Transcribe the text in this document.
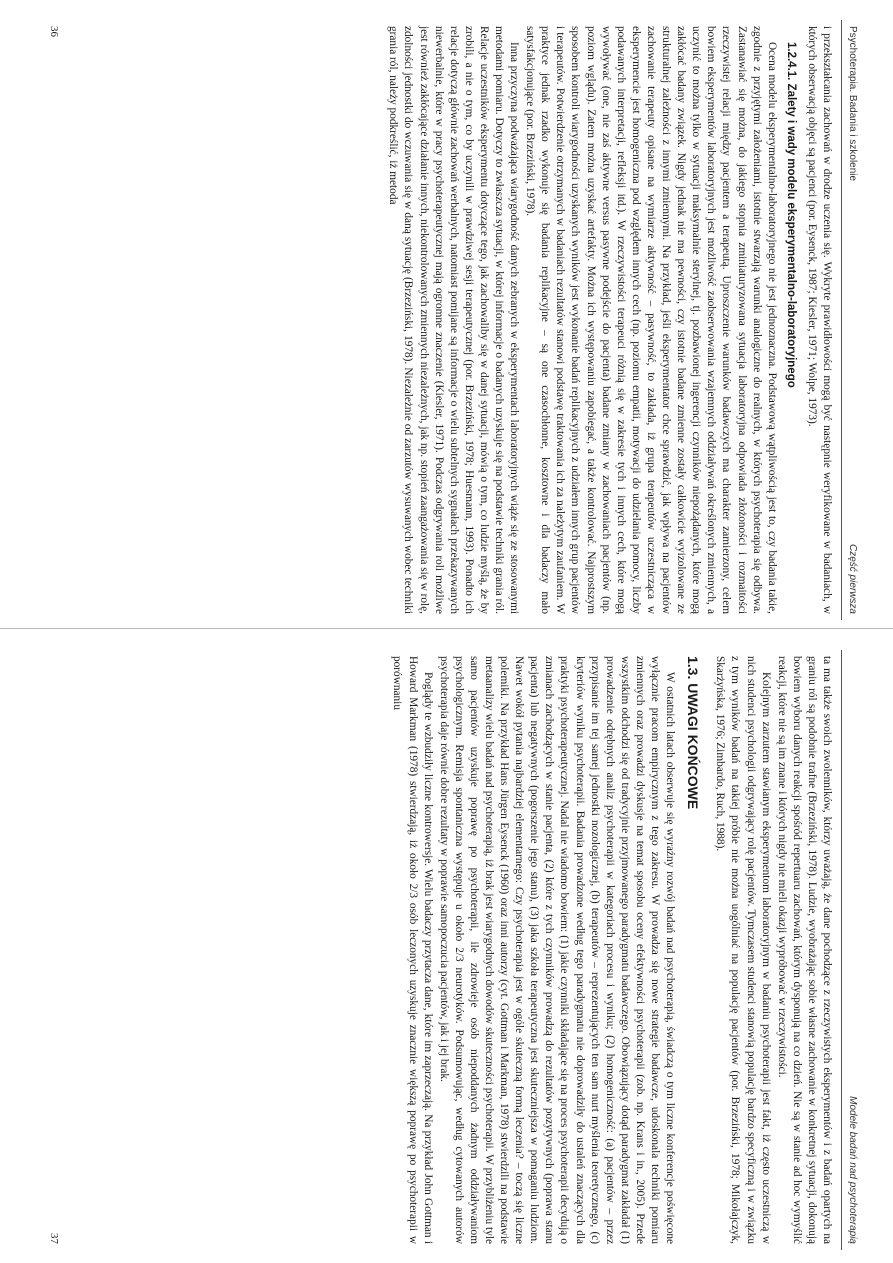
Psychoterapia. Badania i szkolenie
Część pierwsza

i przekształcania zachowań w drodze uczenia się. Wykryte prawidłowości mogą być następnie weryfikowane w badaniach, w których obserwacją objęci są pacjenci (por. Eysenck, 1987; Kiesler, 1971; Wolpe, 1973).

1.2.4.1. Zalety i wady modelu eksperymentalno-laboratoryjnego

Ocena modelu eksperymentalno-laboratoryjnego nie jest jednoznaczna. Podstawową wątpliwością jest to, czy badania takie, zgodnie z przyjętymi założeniami, istotnie stwarzają warunki analogiczne do realnych, w których psychoterapia się odbywa. Zastanawiać się można, do jakiego stopnia zminiaturyzowana sytuacja laboratoryjna odpowiada złożoności i rozmaitości rzeczywistej relacji między pacjentem a terapeutą. Uproszczenie warunków badawczych ma charakter zamierzony, celem bowiem eksperymentów laboratoryjnych jest możliwość zaobserwowania wzajemnych oddziaływań określonych zmiennych, a uczynić to można tylko w sytuacji maksymalnie sterylnej, tj. pozbawionej ingerencji czynników niepożądanych, które mogą zakłócać badany związek. Nigdy jednak nie ma pewności, czy istotnie badane zmienne zostały całkowicie wyizolowane ze strukturalnej zależności z innymi zmiennymi. Na przykład, jeśli eksperymentator chce sprawdzić, jak wpływa na pacjentów zachowanie terapeuty opisane na wymiarze aktywność – pasywność, to zakłada, iż grupa terapeutów uczestnicząca w eksperymencie jest homogeniczna pod względem innych cech (np. poziomu empatii, motywacji do udzielania pomocy, liczby podawanych interpretacji, refleksji itd.). W rzeczywistości terapeuci różnią się w zakresie tych i innych cech, które mogą wywoływać (one, nie zaś aktywne versus pasywne podejście do pacjenta) badane zmiany w zachowaniach pacjentów (np. poziom wglądu). Zatem można uzyskać artefakty. Można ich występowaniu zapobiegać, a także kontrolować. Najprostszym sposobem kontroli wiarygodności uzyskanych wyników jest wykonanie badań replikacyjnych z udziałem innych grup pacjentów i terapeutów. Potwierdzenie otrzymanych w badaniach rezultatów stanowi podstawę traktowania ich za należytym zaufaniem. W praktyce jednak rzadko wykonuje się badania replikacyjne – są one czasochłonne, kosztowne i dla badaczy mało satysfakcjonujące (por. Brzeziński, 1978).

Inna przyczyna podważająca wiarygodność danych zebranych w eksperymentach laboratoryjnych wiąże się ze stosowanymi metodami pomiaru. Dotyczy to zwłaszcza sytuacji, w której informacje o badanych uzyskuje się na podstawie techniki grania ról. Relacje uczestników eksperymentu dotyczące tego, jak zachowaliby się w danej sytuacji, mówią o tym, co ludzie myślą, że by zrobili, a nie o tym, co by uczynili w prawdziwej sesji terapeutycznej (por. Brzeziński, 1978; Huesmann, 1993). Ponadto ich relacje dotyczą głównie zachowań werbalnych, natomiast pomijane są informacje o wielu subtelnych sygnałach przekazywanych niewerbalnie, które w pracy psychoterapeutycznej mają ogromne znaczenie (Kiesler, 1971). Podczas odgrywania roli możliwe jest również zakłócające działanie innych, niekontrolowanych zmiennych niezależnych, jak np. stopień zaangażowania się w rolę, zdolności jednostki do wczuwania się w daną sytuację (Brzeziński, 1978). Niezależnie od zarzutów wysuwanych wobec techniki grania ról, należy podkreślić, iż metoda

36
Modele badań nad psychoterapią

ta ma także swoich zwolenników, którzy uważają, że dane pochodzące z rzeczywistych eksperymentów i z badań opartych na graniu ról są podobnie trafne (Brzeziński, 1978). Ludzie, wyobrażając sobie własne zachowanie w konkretnej sytuacji, dokonują bowiem wyboru danych reakcji spośród repertuaru zachowań, którym dysponują na co dzień. Nie są w stanie ad hoc wymyślić reakcji, które nie są im znane i których nigdy nie mieli okazji wypróbować w rzeczywistości.

Kolejnym zarzutem stawianym eksperymentom laboratoryjnym w badaniu psychoterapii jest fakt, iż często uczestniczą w nich studenci psychologii odgrywający rolę pacjentów. Tymczasem studenci stanowią populację bardzo specyficzną i w związku z tym wyników badań na takiej próbie nie można uogólniać na populację pacjentów (por. Brzeziński, 1978; Mikołajczyk, Skarżyńska, 1976; Zimbardo, Ruch, 1988).

1.3. UWAGI KOŃCOWE

W ostatnich latach obserwuje się wyraźny rozwój badań nad psychoterapią, świadczą o tym liczne konferencje poświęcone wyłącznie pracom empirycznym z tego zakresu. W prowadza się nowe strategie badawcze, udoskonala techniki pomiaru zmiennych oraz prowadzi dyskusje na temat sposobu oceny efektywności psychoterapii (zob. np. Krans i in., 2005). Przede wszystkim odchodzi się od tradycyjnie przyjmowanego paradygmatu badawczego. Obowiązujący dotąd paradygmat zakładał (1) prowadzenie odrębnych analiz psychoterapii w kategoriach procesu i wyniku; (2) homogeniczność: (a) pacjentów – przez przypisanie im tej samej jednostki nozologicznej, (b) terapeutów – reprezentujących ten sam nurt myślenia teoretycznego, (c) kryteriów wyniku psychoterapii. Badania prowadzone według tego paradygmatu nie doprowadziły do ustaleń znaczących dla praktyki psychoterapeutycznej. Nadal nie wiadomo bowiem: (1) jakie czynniki składające się na proces psychoterapii decydują o zmianach zachodzących w stanie pacjenta, (2) które z tych czynników prowadzą do rezultatów pozytywnych (poprawa stanu pacjenta) lub negatywnych (pogorszenie jego stanu), (3) jaka szkoła terapeutyczna jest skuteczniejsza w pomaganiu ludziom. Nawet wokół pytania najbardziej elementarnego: Czy psychoterapia jest w ogóle skuteczną formą leczenia? – toczą się liczne polemiki. Na przykład Hans Jürgen Eysenck (1960) oraz inni autorzy (cyt. Gottman i Markman, 1978) stwierdzili na podstawie metaanalizy wielu badań nad psychoterapią, iż brak jest wiarygodnych dowodów skuteczności psychoterapii. W przybliżeniu tyle samo pacjentów uzyskuje poprawę po psychoterapii, ile zdrowieje osób niepoddanych żadnym oddziaływaniom psychologicznym. Remisja spontaniczna występuje u około 2/3 neurotyków. Podsumowując, według cytowanych autorów psychoterapia daje równie dobre rezultaty w poprawie samopoczucia pacjentów, jak i jej brak.

Poglądy te wzbudziły liczne kontrowersje. Wielu badaczy przytacza dane, które im zaprzeczają. Na przykład John Gottman i Howard Markman (1978) stwierdzają, iż około 2/3 osób leczonych uzyskuje znacznie większą poprawę po psychoterapii w porównaniu

37
